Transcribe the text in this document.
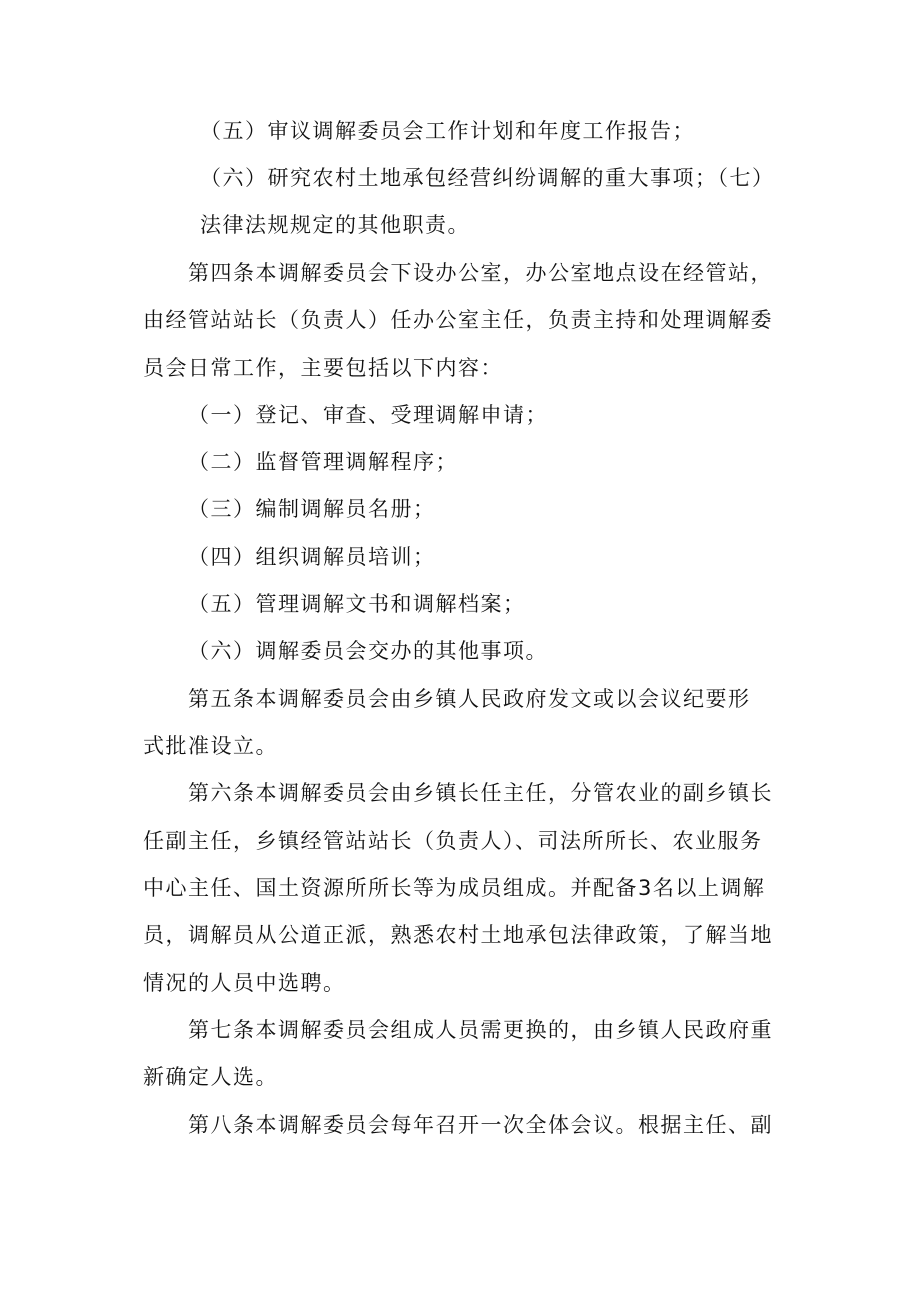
（五）审议调解委员会工作计划和年度工作报告；
（六）研究农村土地承包经营纠纷调解的重大事项；（七）
法律法规规定的其他职责。
第四条本调解委员会下设办公室，办公室地点设在经管站，
由经管站站长（负责人）任办公室主任，负责主持和处理调解委
员会日常工作，主要包括以下内容：
（一）登记、审查、受理调解申请；
（二）监督管理调解程序；
（三）编制调解员名册；
（四）组织调解员培训；
（五）管理调解文书和调解档案；
（六）调解委员会交办的其他事项。
第五条本调解委员会由乡镇人民政府发文或以会议纪要形
式批准设立。
第六条本调解委员会由乡镇长任主任，分管农业的副乡镇长
任副主任，乡镇经管站站长（负责人）、司法所所长、农业服务
中心主任、国土资源所所长等为成员组成。并配备3名以上调解
员，调解员从公道正派，熟悉农村土地承包法律政策，了解当地
情况的人员中选聘。
第七条本调解委员会组成人员需更换的，由乡镇人民政府重
新确定人选。
第八条本调解委员会每年召开一次全体会议。根据主任、副
